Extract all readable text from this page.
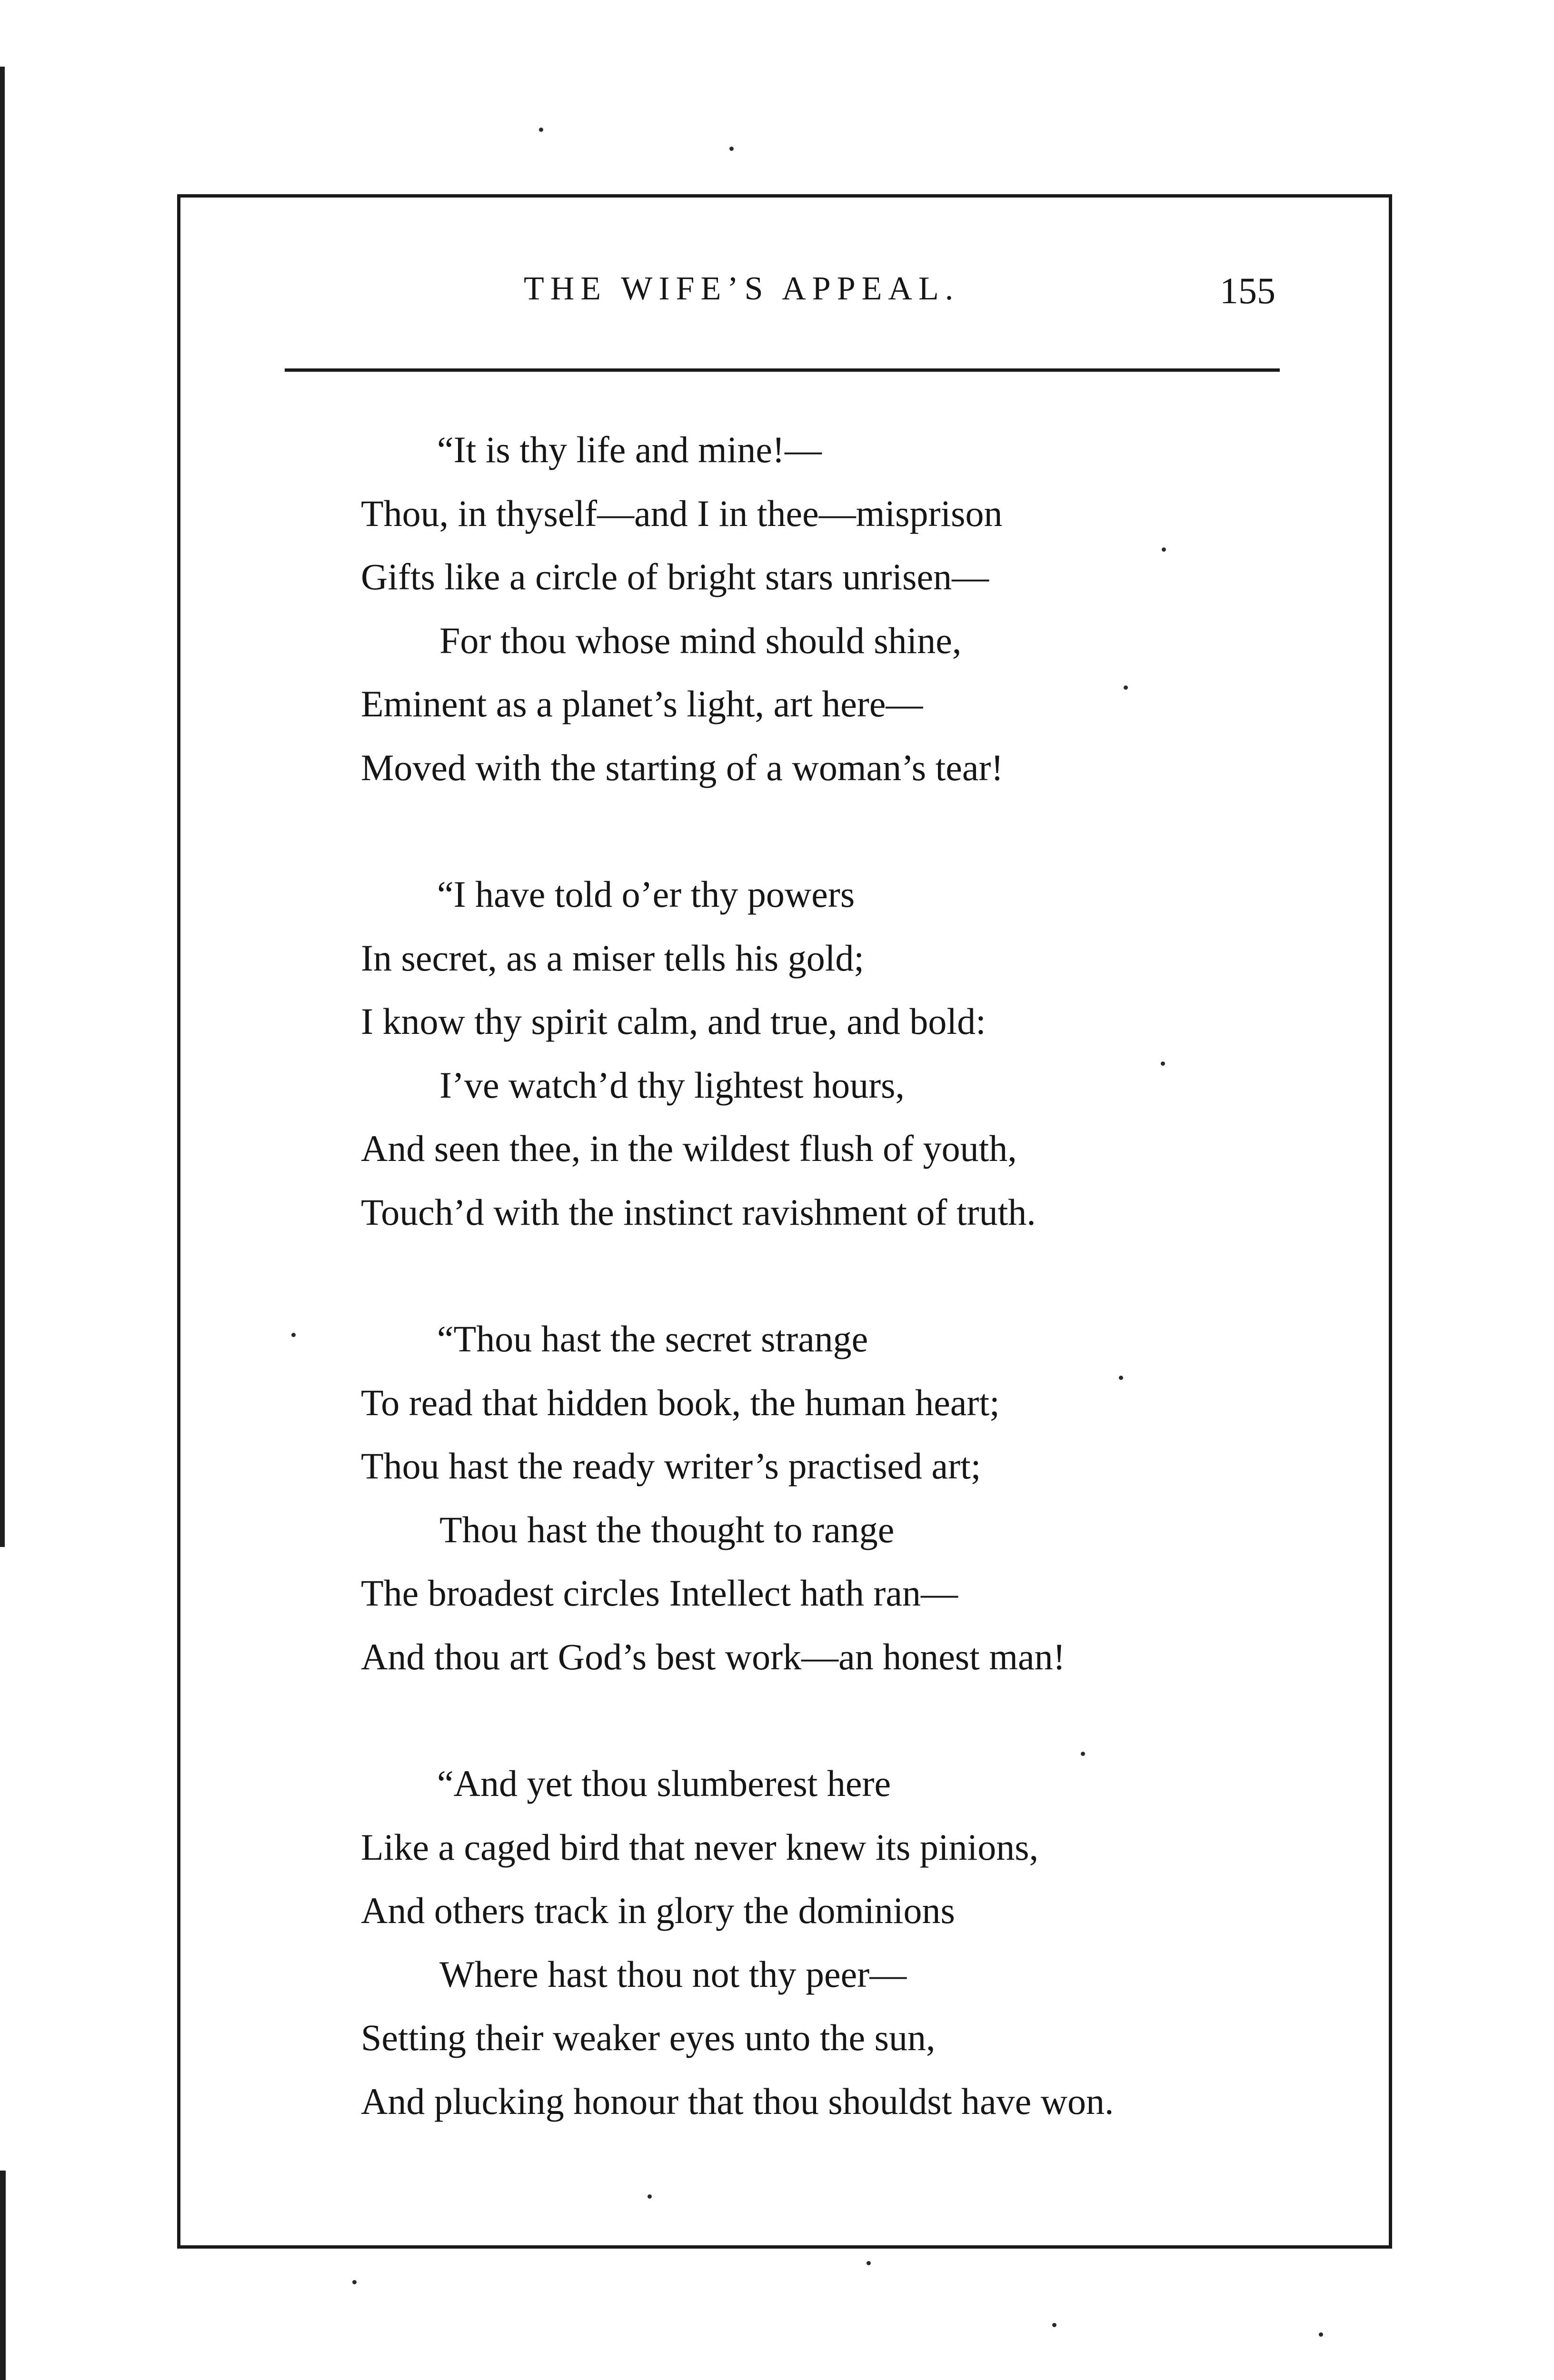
THE WIFE’S APPEAL.	155
“It is thy life and mine!—
Thou, in thyself—and I in thee—misprison
Gifts like a circle of bright stars unrisen—
For thou whose mind should shine,
Eminent as a planet’s light, art here—
Moved with the starting of a woman’s tear!
“I have told o’er thy powers
In secret, as a miser tells his gold;
I know thy spirit calm, and true, and bold:
I’ve watch’d thy lightest hours,
And seen thee, in the wildest flush of youth,
Touch’d with the instinct ravishment of truth.
“Thou hast the secret strange
To read that hidden book, the human heart;
Thou hast the ready writer’s practised art;
Thou hast the thought to range
The broadest circles Intellect hath ran—
And thou art God’s best work—an honest man!
“And yet thou slumberest here
Like a caged bird that never knew its pinions,
And others track in glory the dominions
Where hast thou not thy peer—
Setting their weaker eyes unto the sun,
And plucking honour that thou shouldst have won.
